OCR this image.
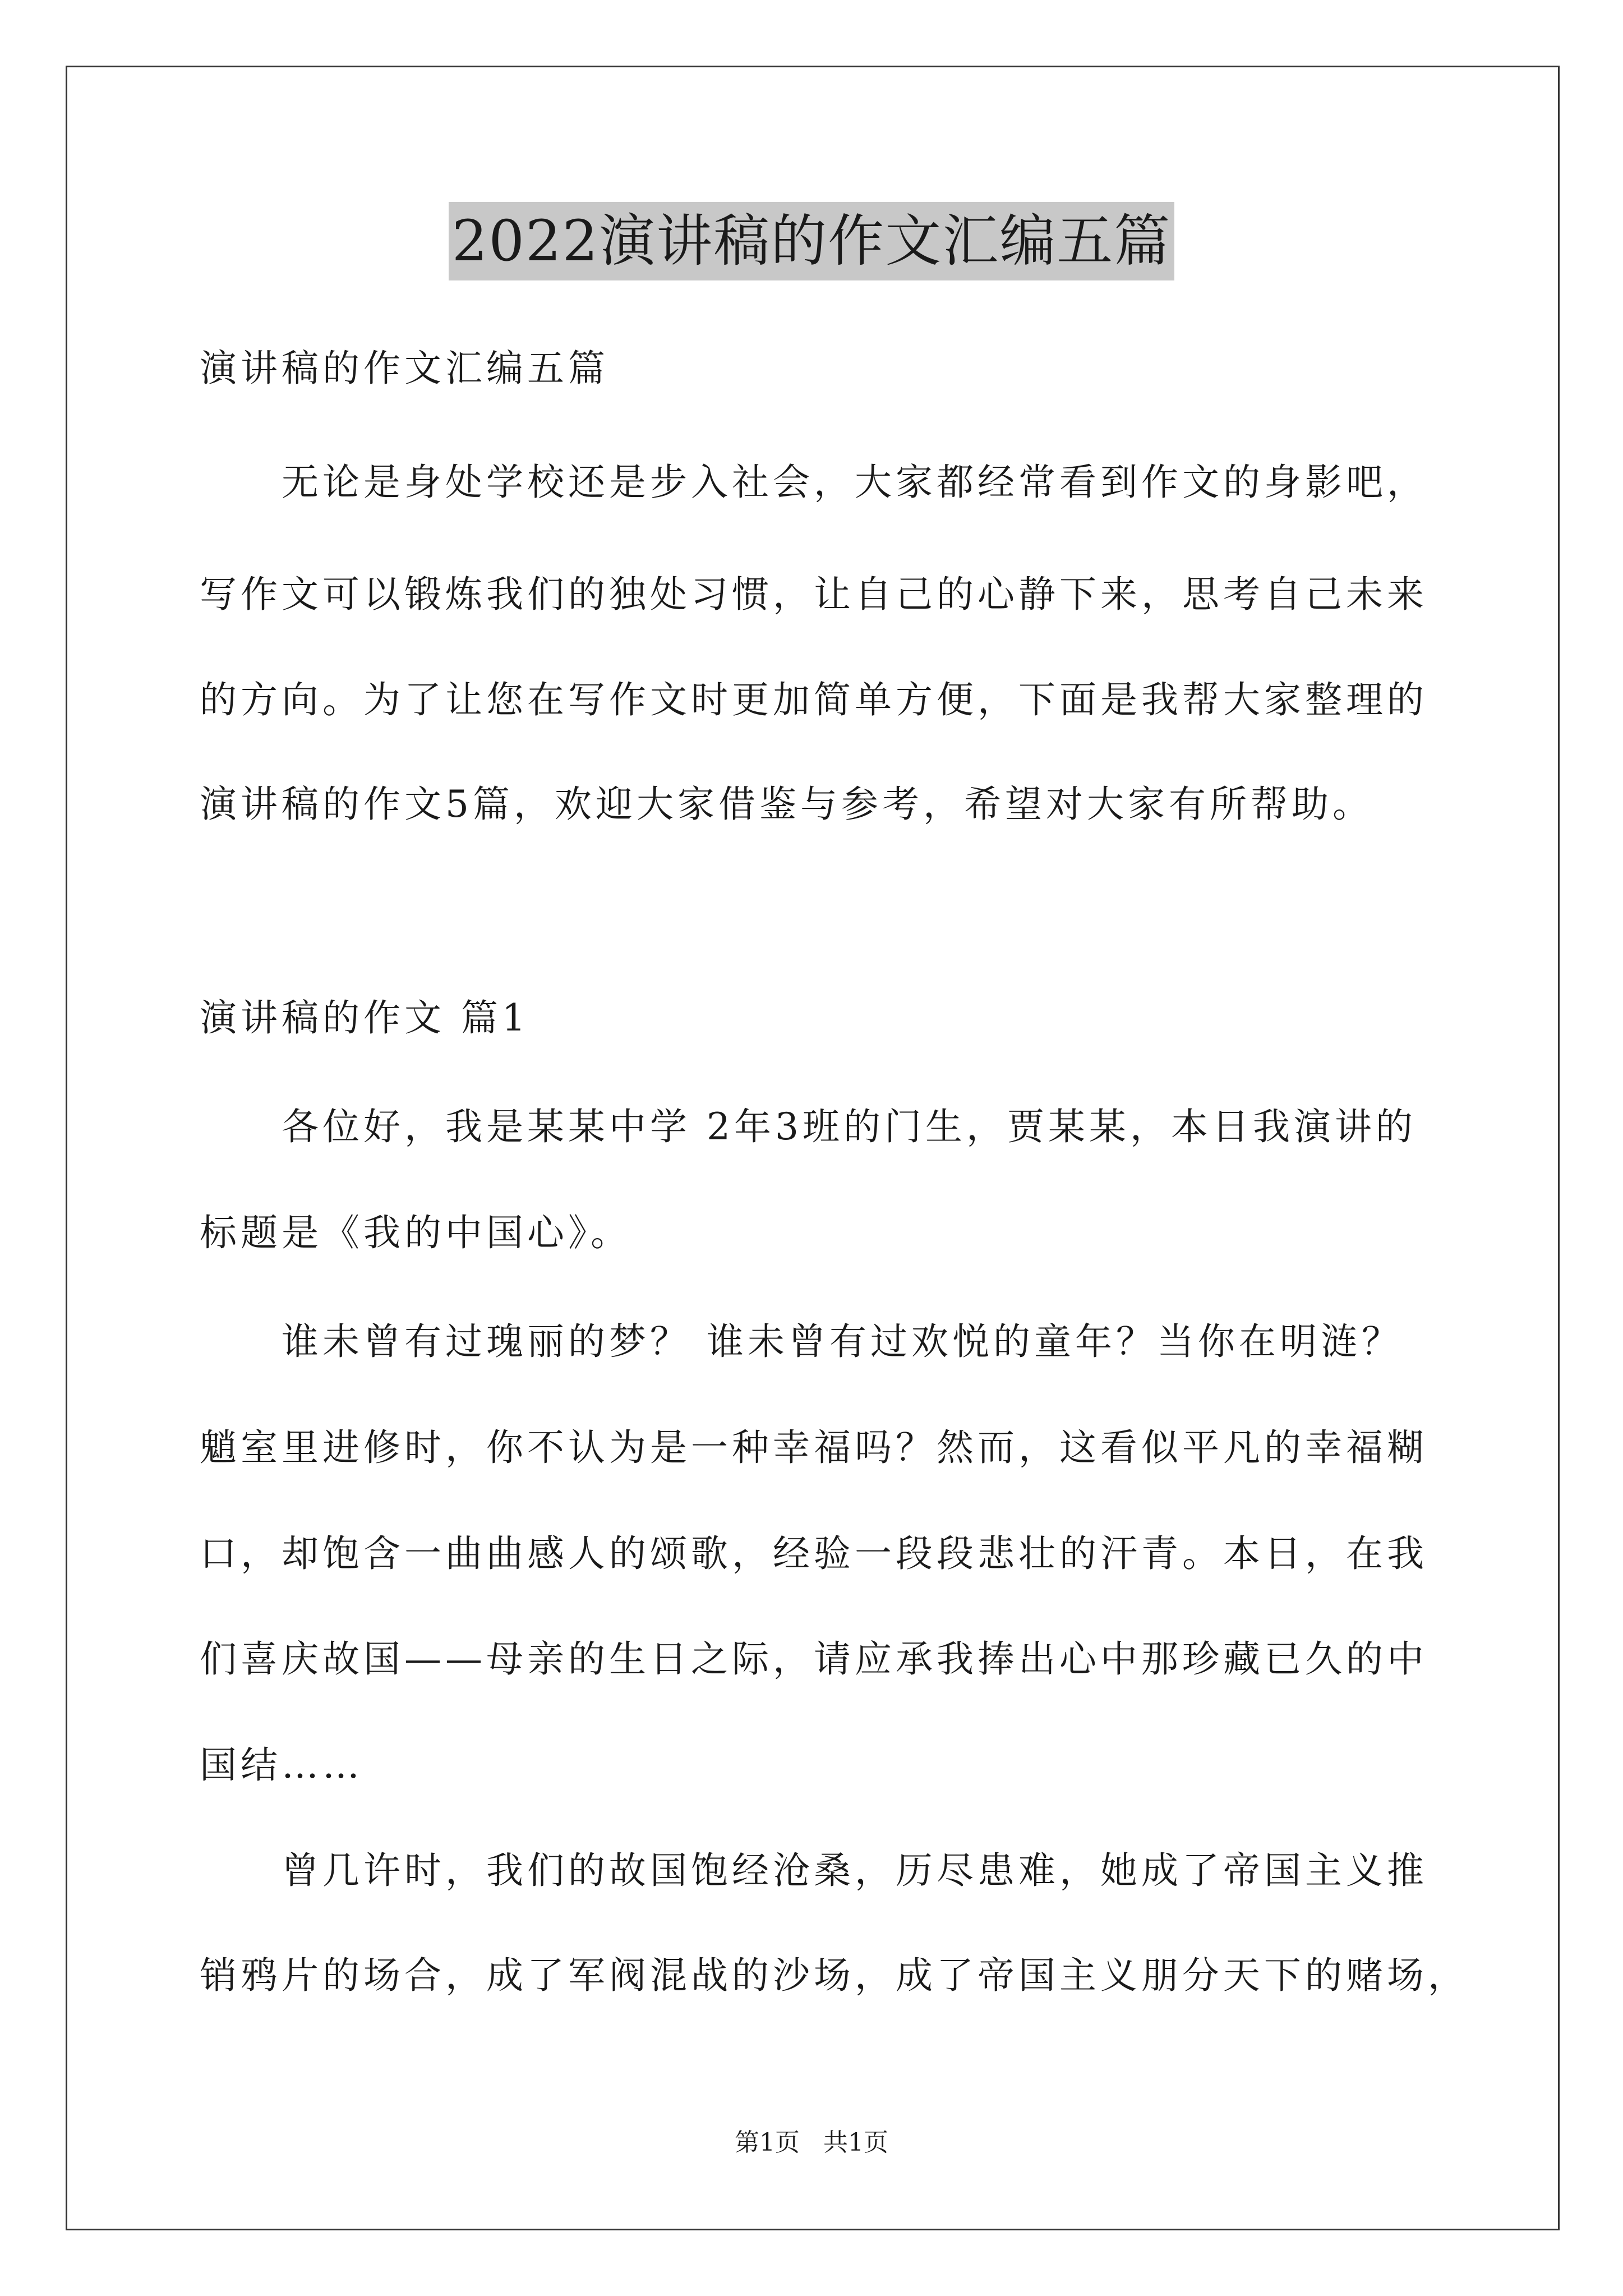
2022演讲稿的作文汇编五篇
演讲稿的作文汇编五篇
无论是身处学校还是步入社会，大家都经常看到作文的身影吧，
写作文可以锻炼我们的独处习惯，让自己的心静下来，思考自己未来
的方向。为了让您在写作文时更加简单方便，下面是我帮大家整理的
演讲稿的作文5篇，欢迎大家借鉴与参考，希望对大家有所帮助。
演讲稿的作文 篇1
各位好，我是某某中学 2年3班的门生，贾某某，本日我演讲的
标题是《我的中国心》。
谁未曾有过瑰丽的梦？ 谁未曾有过欢悦的童年？当你在明涟？
魈室里进修时，你不认为是一种幸福吗？然而，这看似平凡的幸福糊
口，却饱含一曲曲感人的颂歌，经验一段段悲壮的汗青。本日，在我
们喜庆故国——母亲的生日之际，请应承我捧出心中那珍藏已久的中
国结……
曾几许时，我们的故国饱经沧桑，历尽患难，她成了帝国主义推
销鸦片的场合，成了军阀混战的沙场，成了帝国主义朋分天下的赌场，
第1页   共1页
